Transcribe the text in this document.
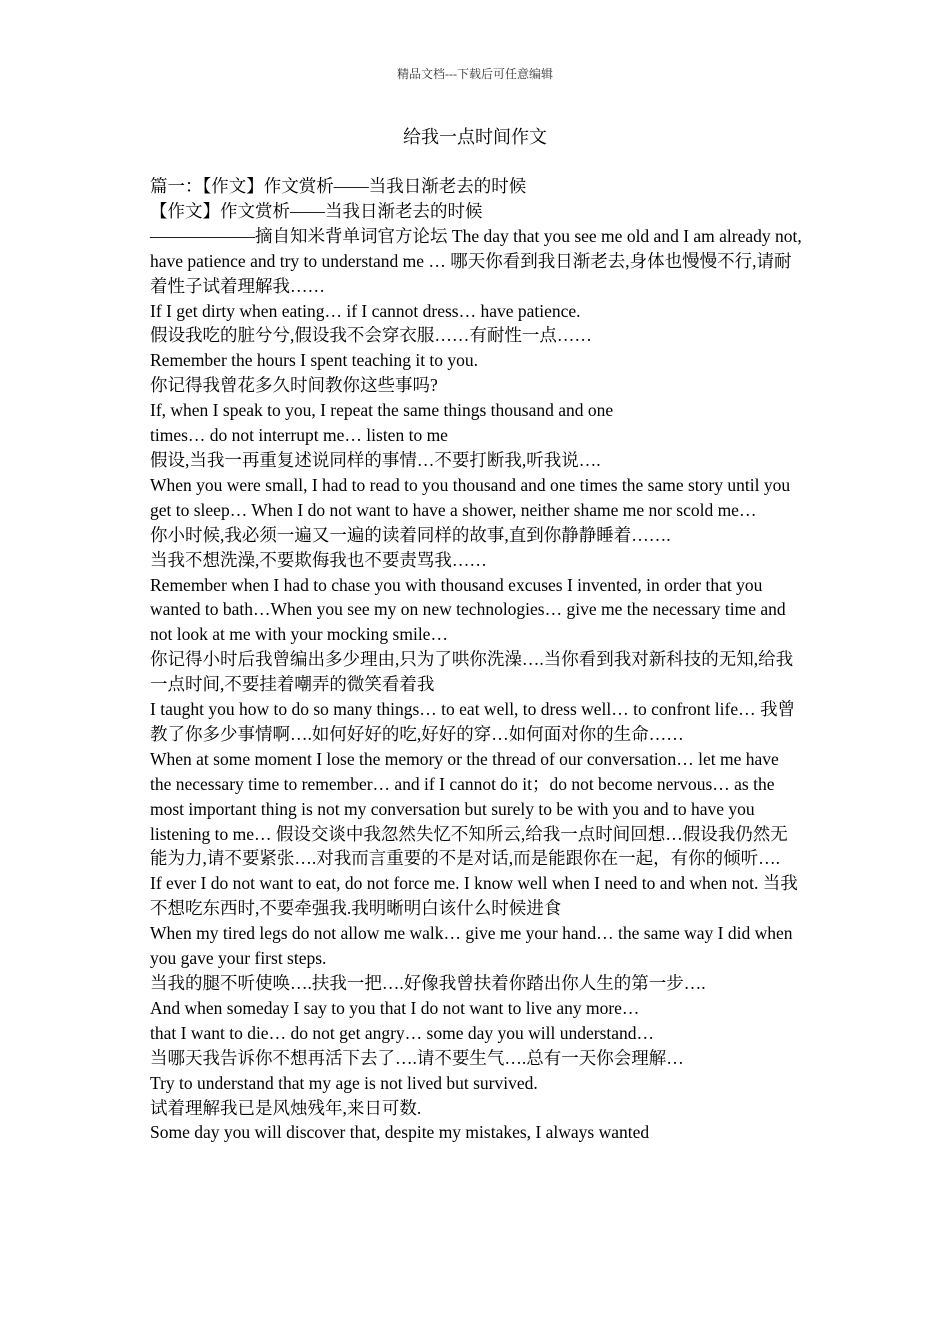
精品文档---下载后可任意编辑
给我一点时间作文

篇一：【作文】作文赏析——当我日渐老去的时候

【作文】作文赏析——当我日渐老去的时候

——————摘自知米背单词官方论坛 The day that you see me old and I am already not, have patience and try to understand me … 哪天你看到我日渐老去,身体也慢慢不行,请耐着性子试着理解我……

If I get dirty when eating… if I cannot dress… have patience.

假设我吃的脏兮兮,假设我不会穿衣服……有耐性一点……

Remember the hours I spent teaching it to you.

你记得我曾花多久时间教你这些事吗?

If, when I speak to you, I repeat the same things thousand and one

times… do not interrupt me… listen to me

假设,当我一再重复述说同样的事情…不要打断我,听我说….

When you were small, I had to read to you thousand and one times the same story until you get to sleep… When I do not want to have a shower, neither shame me nor scold me…

你小时候,我必须一遍又一遍的读着同样的故事,直到你静静睡着…….

当我不想洗澡,不要欺侮我也不要责骂我……

Remember when I had to chase you with thousand excuses I invented, in order that you wanted to bath…When you see my on new technologies… give me the necessary time and not look at me with your mocking smile…

你记得小时后我曾编出多少理由,只为了哄你洗澡….当你看到我对新科技的无知,给我一点时间,不要挂着嘲弄的微笑看着我

I taught you how to do so many things… to eat well, to dress well… to confront life… 我曾教了你多少事情啊….如何好好的吃,好好的穿…如何面对你的生命……

When at some moment I lose the memory or the thread of our conversation… let me have the necessary time to remember… and if I cannot do it；do not become nervous… as the most important thing is not my conversation but surely to be with you and to have you listening to me… 假设交谈中我忽然失忆不知所云,给我一点时间回想…假设我仍然无能为力,请不要紧张….对我而言重要的不是对话,而是能跟你在一起，有你的倾听….

If ever I do not want to eat, do not force me. I know well when I need to and when not. 当我不想吃东西时,不要牵强我.我明晰明白该什么时候进食

When my tired legs do not allow me walk… give me your hand… the same way I did when you gave your first steps.

当我的腿不听使唤….扶我一把….好像我曾扶着你踏出你人生的第一步….

And when someday I say to you that I do not want to live any more…

that I want to die… do not get angry… some day you will understand…

当哪天我告诉你不想再活下去了….请不要生气….总有一天你会理解…

Try to understand that my age is not lived but survived.

试着理解我已是风烛残年,来日可数.

Some day you will discover that, despite my mistakes, I always wanted
